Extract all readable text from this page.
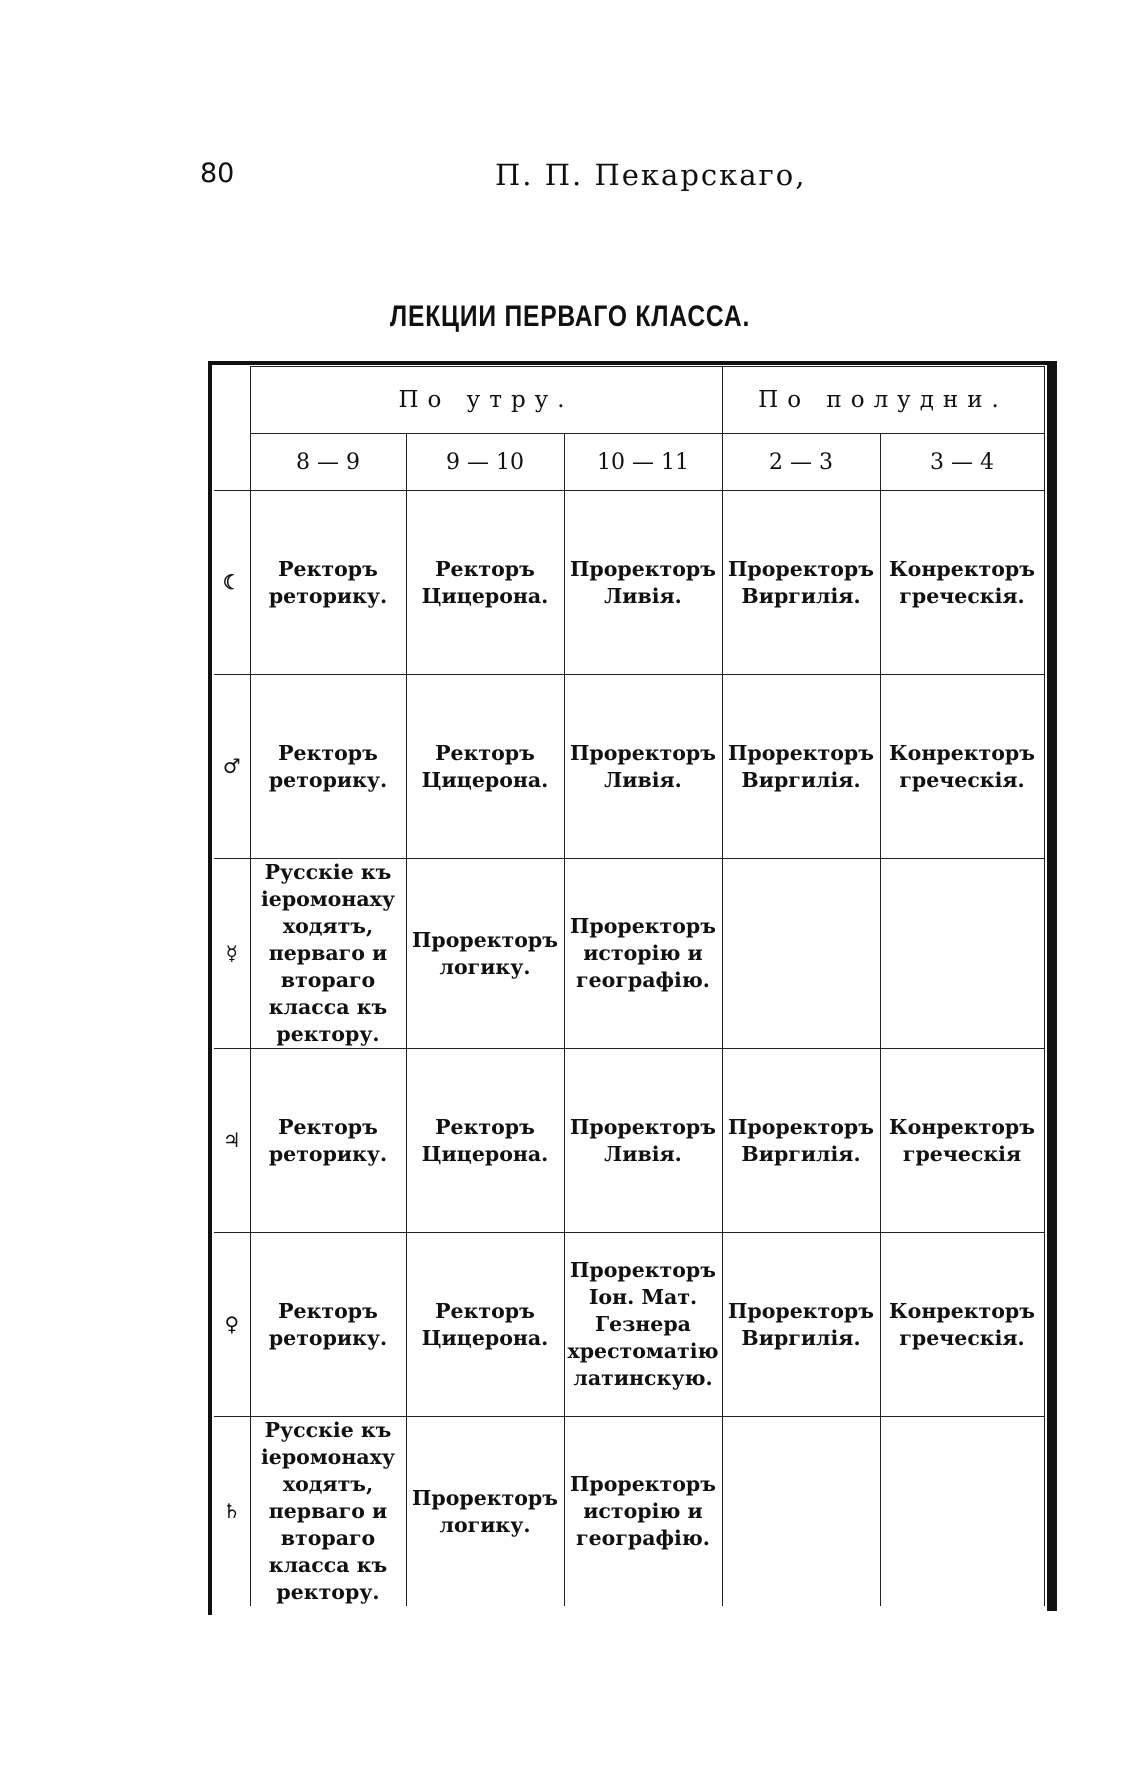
80	П. П. Пекарскаго,
ЛЕКЦИИ ПЕРВАГО КЛАССА.
	По утру.			По полудни.	
	8 — 9	9 — 10	10 — 11	2 — 3	3 — 4
☾	Ректоръ реторику.	Ректоръ Цицерона.	Проректоръ Ливія.	Проректоръ Виргилія.	Конректоръ греческія.
♂	Ректоръ реторику.	Ректоръ Цицерона.	Проректоръ Ливія.	Проректоръ Виргилія.	Конректоръ греческія.
☿	Русскіе къ іеромонаху ходятъ, перваго и втораго класса къ ректору.	Проректоръ логику.	Проректоръ исторію и географію.		
♃	Ректоръ реторику.	Ректоръ Цицерона.	Проректоръ Ливія.	Проректоръ Виргилія.	Конректоръ греческія
♀	Ректоръ реторику.	Ректоръ Цицерона.	Проректоръ Іон. Мат. Гезнера хрестоматію латинскую.	Проректоръ Виргилія.	Конректоръ греческія.
♄	Русскіе къ іеромонаху ходятъ, перваго и втораго класса къ ректору.	Проректоръ логику.	Проректоръ исторію и географію.		
